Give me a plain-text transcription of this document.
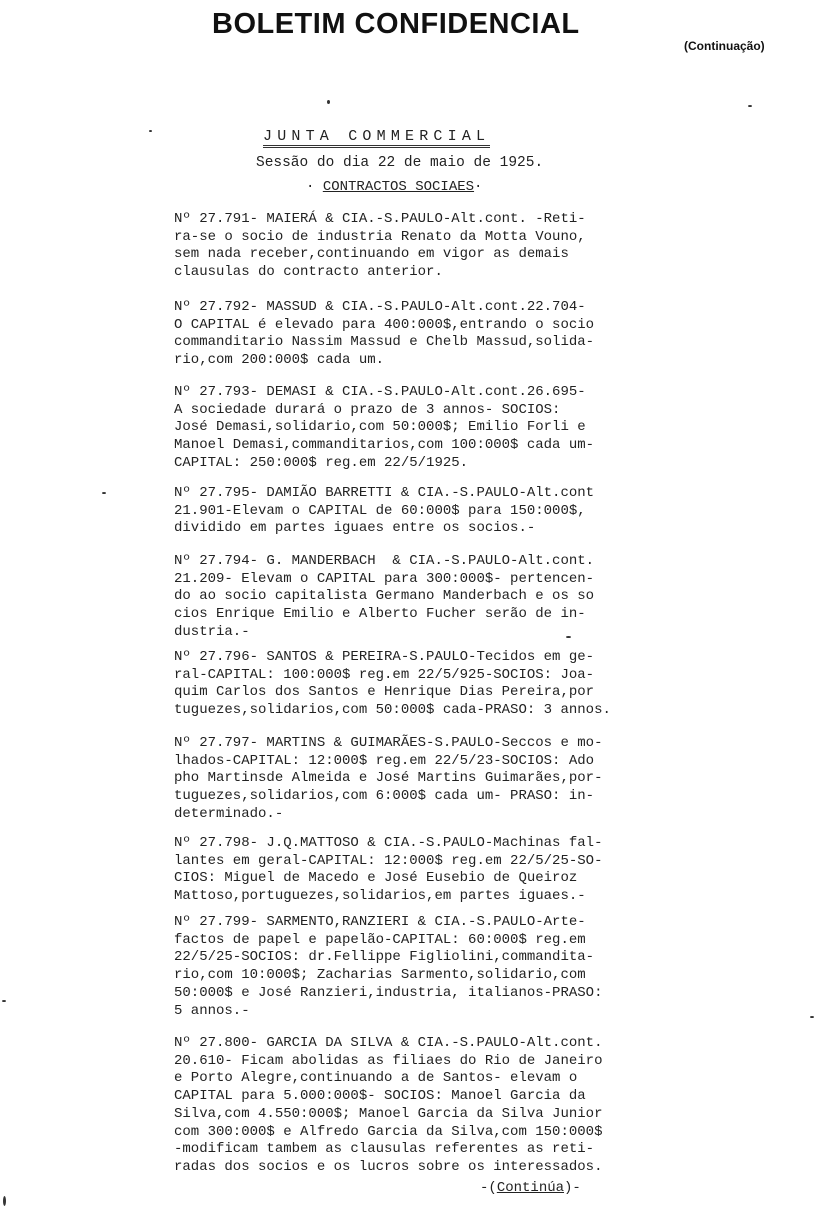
BOLETIM CONFIDENCIAL
(Continuação)
JUNTA COMMERCIAL
Sessão do dia 22 de maio de 1925.
· CONTRACTOS SOCIAES·
Nº 27.791- MAIERÁ & CIA.-S.PAULO-Alt.cont. -Reti-
ra-se o socio de industria Renato da Motta Vouno,
sem nada receber,continuando em vigor as demais
clausulas do contracto anterior.
Nº 27.792- MASSUD & CIA.-S.PAULO-Alt.cont.22.704-
O CAPITAL é elevado para 400:000$,entrando o socio
commanditario Nassim Massud e Chelb Massud,solida-
rio,com 200:000$ cada um.
Nº 27.793- DEMASI & CIA.-S.PAULO-Alt.cont.26.695-
A sociedade durará o prazo de 3 annos- SOCIOS:
José Demasi,solidario,com 50:000$; Emilio Forli e
Manoel Demasi,commanditarios,com 100:000$ cada um-
CAPITAL: 250:000$ reg.em 22/5/1925.
Nº 27.795- DAMIÃO BARRETTI & CIA.-S.PAULO-Alt.cont
21.901-Elevam o CAPITAL de 60:000$ para 150:000$,
dividido em partes iguaes entre os socios.-
Nº 27.794- G. MANDERBACH  & CIA.-S.PAULO-Alt.cont.
21.209- Elevam o CAPITAL para 300:000$- pertencen-
do ao socio capitalista Germano Manderbach e os so
cios Enrique Emilio e Alberto Fucher serão de in-
dustria.-
Nº 27.796- SANTOS & PEREIRA-S.PAULO-Tecidos em ge-
ral-CAPITAL: 100:000$ reg.em 22/5/925-SOCIOS: Joa-
quim Carlos dos Santos e Henrique Dias Pereira,por
tuguezes,solidarios,com 50:000$ cada-PRASO: 3 annos.
Nº 27.797- MARTINS & GUIMARÃES-S.PAULO-Seccos e mo-
lhados-CAPITAL: 12:000$ reg.em 22/5/23-SOCIOS: Ado
pho Martinsde Almeida e José Martins Guimarães,por-
tuguezes,solidarios,com 6:000$ cada um- PRASO: in-
determinado.-
Nº 27.798- J.Q.MATTOSO & CIA.-S.PAULO-Machinas fal-
lantes em geral-CAPITAL: 12:000$ reg.em 22/5/25-SO-
CIOS: Miguel de Macedo e José Eusebio de Queiroz
Mattoso,portuguezes,solidarios,em partes iguaes.-
Nº 27.799- SARMENTO,RANZIERI & CIA.-S.PAULO-Arte-
factos de papel e papelão-CAPITAL: 60:000$ reg.em
22/5/25-SOCIOS: dr.Fellippe Figliolini,commandita-
rio,com 10:000$; Zacharias Sarmento,solidario,com
50:000$ e José Ranzieri,industria, italianos-PRASO:
5 annos.-
Nº 27.800- GARCIA DA SILVA & CIA.-S.PAULO-Alt.cont.
20.610- Ficam abolidas as filiaes do Rio de Janeiro
e Porto Alegre,continuando a de Santos- elevam o
CAPITAL para 5.000:000$- SOCIOS: Manoel Garcia da
Silva,com 4.550:000$; Manoel Garcia da Silva Junior
com 300:000$ e Alfredo Garcia da Silva,com 150:000$
-modificam tambem as clausulas referentes as reti-
radas dos socios e os lucros sobre os interessados.
-(Continúa)-
